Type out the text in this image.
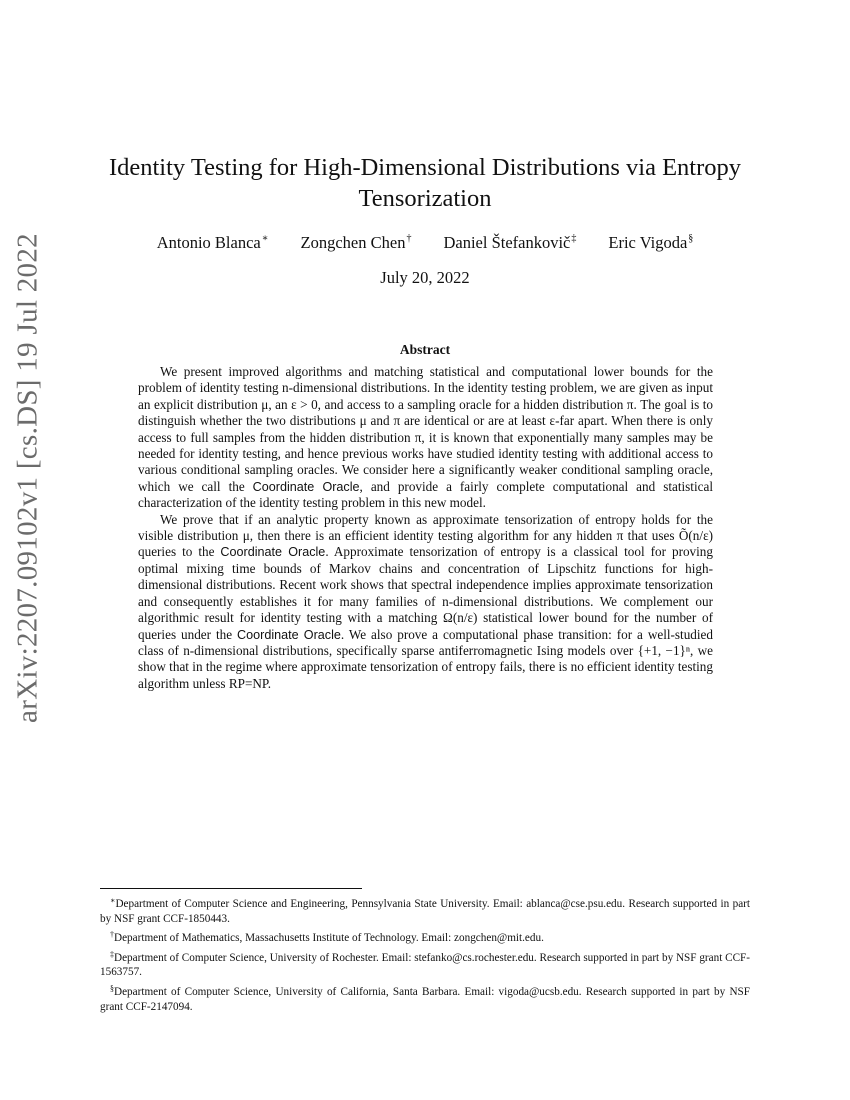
arXiv:2207.09102v1 [cs.DS] 19 Jul 2022
Identity Testing for High-Dimensional Distributions via Entropy Tensorization
Antonio Blanca∗ Zongchen Chen† Daniel Štefankovič‡ Eric Vigoda§
July 20, 2022
Abstract

We present improved algorithms and matching statistical and computational lower bounds for the problem of identity testing n-dimensional distributions. In the identity testing problem, we are given as input an explicit distribution μ, an ε > 0, and access to a sampling oracle for a hidden distribution π. The goal is to distinguish whether the two distributions μ and π are identical or are at least ε-far apart. When there is only access to full samples from the hidden distribution π, it is known that exponentially many samples may be needed for identity testing, and hence previous works have studied identity testing with additional access to various conditional sampling oracles. We consider here a significantly weaker conditional sampling oracle, which we call the Coordinate Oracle, and provide a fairly complete computational and statistical characterization of the identity testing problem in this new model.

We prove that if an analytic property known as approximate tensorization of entropy holds for the visible distribution μ, then there is an efficient identity testing algorithm for any hidden π that uses Õ(n/ε) queries to the Coordinate Oracle. Approximate tensorization of entropy is a classical tool for proving optimal mixing time bounds of Markov chains and concentration of Lipschitz functions for high-dimensional distributions. Recent work shows that spectral independence implies approximate tensorization and consequently establishes it for many families of n-dimensional distributions. We complement our algorithmic result for identity testing with a matching Ω(n/ε) statistical lower bound for the number of queries under the Coordinate Oracle. We also prove a computational phase transition: for a well-studied class of n-dimensional distributions, specifically sparse antiferromagnetic Ising models over {+1, −1}ⁿ, we show that in the regime where approximate tensorization of entropy fails, there is no efficient identity testing algorithm unless RP=NP.

∗Department of Computer Science and Engineering, Pennsylvania State University. Email: ablanca@cse.psu.edu. Research supported in part by NSF grant CCF-1850443.

†Department of Mathematics, Massachusetts Institute of Technology. Email: zongchen@mit.edu.

‡Department of Computer Science, University of Rochester. Email: stefanko@cs.rochester.edu. Research supported in part by NSF grant CCF-1563757.

§Department of Computer Science, University of California, Santa Barbara. Email: vigoda@ucsb.edu. Research supported in part by NSF grant CCF-2147094.
